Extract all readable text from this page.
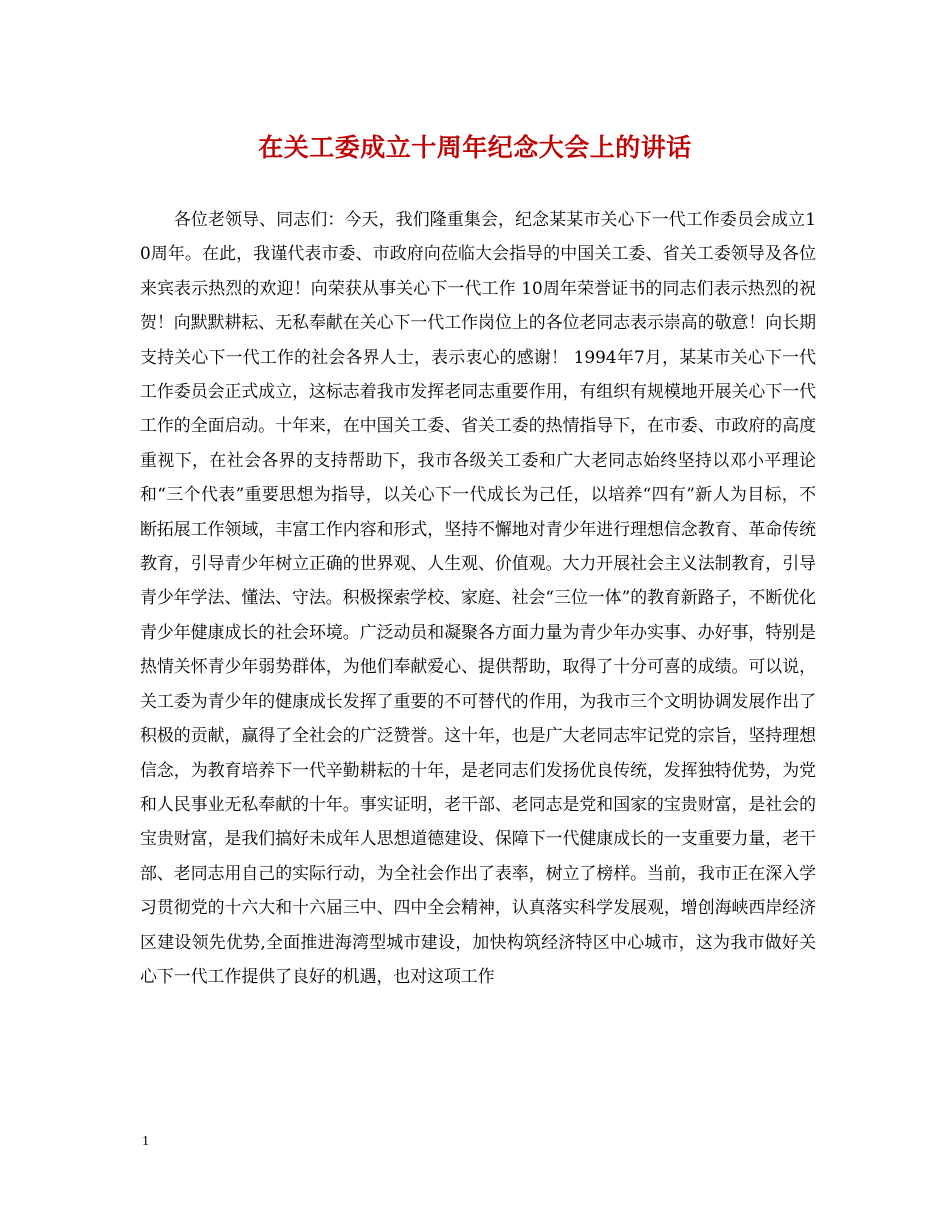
在关工委成立十周年纪念大会上的讲话

各位老领导、同志们：今天，我们隆重集会，纪念某某市关心下一代工作委员会成立10周年。在此，我谨代表市委、市政府向莅临大会指导的中国关工委、省关工委领导及各位来宾表示热烈的欢迎！向荣获从事关心下一代工作 10周年荣誉证书的同志们表示热烈的祝贺！向默默耕耘、无私奉献在关心下一代工作岗位上的各位老同志表示崇高的敬意！向长期支持关心下一代工作的社会各界人士，表示衷心的感谢！ 1994年7月，某某市关心下一代工作委员会正式成立，这标志着我市发挥老同志重要作用，有组织有规模地开展关心下一代工作的全面启动。十年来，在中国关工委、省关工委的热情指导下，在市委、市政府的高度重视下，在社会各界的支持帮助下，我市各级关工委和广大老同志始终坚持以邓小平理论和“三个代表”重要思想为指导，以关心下一代成长为己任，以培养“四有”新人为目标，不断拓展工作领域，丰富工作内容和形式，坚持不懈地对青少年进行理想信念教育、革命传统教育，引导青少年树立正确的世界观、人生观、价值观。大力开展社会主义法制教育，引导青少年学法、懂法、守法。积极探索学校、家庭、社会“三位一体”的教育新路子，不断优化青少年健康成长的社会环境。广泛动员和凝聚各方面力量为青少年办实事、办好事，特别是热情关怀青少年弱势群体，为他们奉献爱心、提供帮助，取得了十分可喜的成绩。可以说，关工委为青少年的健康成长发挥了重要的不可替代的作用，为我市三个文明协调发展作出了积极的贡献，赢得了全社会的广泛赞誉。这十年，也是广大老同志牢记党的宗旨，坚持理想信念，为教育培养下一代辛勤耕耘的十年，是老同志们发扬优良传统，发挥独特优势，为党和人民事业无私奉献的十年。事实证明，老干部、老同志是党和国家的宝贵财富，是社会的宝贵财富，是我们搞好未成年人思想道德建设、保障下一代健康成长的一支重要力量，老干部、老同志用自己的实际行动，为全社会作出了表率，树立了榜样。当前，我市正在深入学习贯彻党的十六大和十六届三中、四中全会精神，认真落实科学发展观，增创海峡西岸经济区建设领先优势,全面推进海湾型城市建设，加快构筑经济特区中心城市，这为我市做好关心下一代工作提供了良好的机遇，也对这项工作

1
